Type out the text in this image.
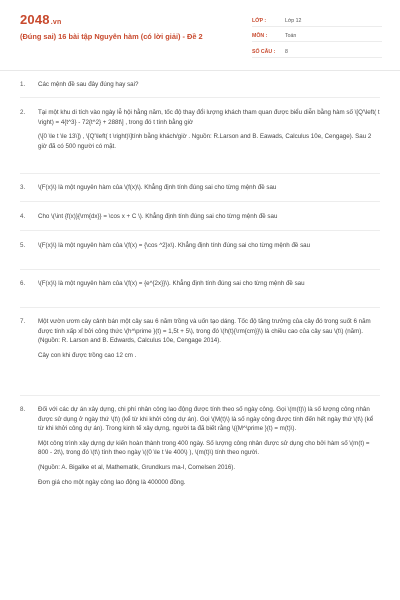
2048.vn
(Đúng sai) 16 bài tập Nguyên hàm (có lời giải) - Đề 2
LỚP :	Lớp 12
MÔN :	Toán
SỐ CÂU :	8
1.	Các mệnh đề sau đây đúng hay sai?

2.	Tại một khu di tích vào ngày lễ hội hằng năm, tốc độ thay đổi lượng khách tham quan được biểu diễn bằng hàm số \[Q'\left( t \right) = 4{t^3} - 72{t^2} + 288t\] , trong đó t tính bằng giờ

(\[0 \le t \le 13\]) , \[Q'\left( t \right)\]tính bằng khách/giờ . Nguồn: R.Larson and B. Eawads, Calculus 10e, Cengage). Sau 2 giờ đã có 500 người có mặt.

3.	\(F(x)\) là một nguyên hàm của \(f(x)\). Khẳng định tính đúng sai cho từng mệnh đề sau

4.	Cho \(\int {f(x)}{\rm{dx}} = \cos x + C \). Khẳng định tính đúng sai cho từng mệnh đề sau

5.	\(F(x)\) là một nguyên hàm của \(f(x) = {\cos ^2}x\). Khẳng định tính đúng sai cho từng mệnh đề sau

6.	\(F(x)\) là một nguyên hàm của \(f(x) = {e^{2x}}\). Khẳng định tính đúng sai cho từng mệnh đề sau

7.	Một vườn ươm cây cảnh bán một cây sau 6 năm trồng và uốn tạo dáng. Tốc độ tăng trưởng của cây đó trong suốt 6 năm được tính xấp xỉ bởi công thức \(h^\prime }(t) = 1,5t + 5\), trong đó \(h(t){\rm{cm}}\) là chiều cao của cây sau \(t\) (năm). (Nguồn: R. Larson and B. Edwards, Calculus 10e, Cengage 2014).

Cây con khi được trồng cao 12 cm .

8.	Đối với các dự án xây dựng, chi phí nhân công lao động được tính theo số ngày công. Gọi \(m(t)\) là số lượng công nhân được sử dụng ở ngày thứ \(t\) (kể từ khi khởi công dự án). Gọi \(M(t)\) là số ngày công được tính đến hết ngày thứ \(t\) (kể từ khi khởi công dự án). Trong kinh tế xây dựng, người ta đã biết rằng \({M^\prime }(t) = m(t)\).

Một công trình xây dựng dự kiến hoàn thành trong 400 ngày. Số lượng công nhân được sử dụng cho bởi hàm số \(m(t) = 800 - 2t\), trong đó \(t\) tính theo ngày \((0 \le t \le 400\) ), \(m(t)\) tính theo người.

(Nguồn: A. Bigalke et al, Mathematik, Grundkurs ma-I, Comelsen 2016).

Đơn giá cho một ngày công lao động là 400000 đồng.
